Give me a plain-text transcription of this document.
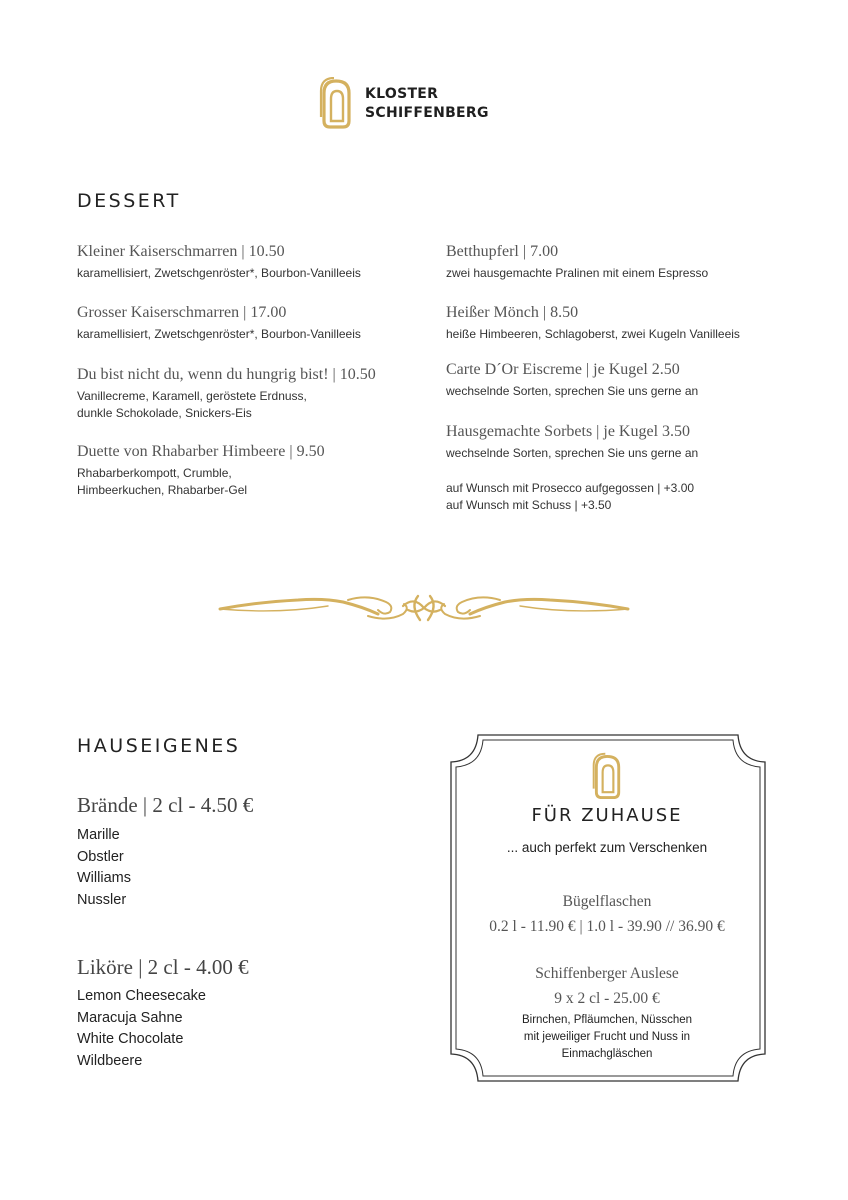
KLOSTER
SCHIFFENBERG
DESSERT
Kleiner Kaiserschmarren | 10.50
karamellisiert, Zwetschgenröster*, Bourbon-Vanilleeis
Grosser Kaiserschmarren | 17.00
karamellisiert, Zwetschgenröster*, Bourbon-Vanilleeis
Du bist nicht du, wenn du hungrig bist! | 10.50
Vanillecreme, Karamell, geröstete Erdnuss,
dunkle Schokolade, Snickers-Eis
Duette von Rhabarber Himbeere | 9.50
Rhabarberkompott, Crumble,
Himbeerkuchen, Rhabarber-Gel
Betthupferl | 7.00
zwei hausgemachte Pralinen mit einem Espresso
Heißer Mönch | 8.50
heiße Himbeeren, Schlagoberst, zwei Kugeln Vanilleeis
Carte D´Or Eiscreme | je Kugel 2.50
wechselnde Sorten, sprechen Sie uns gerne an
Hausgemachte Sorbets | je Kugel 3.50
wechselnde Sorten, sprechen Sie uns gerne an
auf Wunsch mit Prosecco aufgegossen | +3.00
auf Wunsch mit Schuss | +3.50
HAUSEIGENES
Brände | 2 cl - 4.50 €
Marille
Obstler
Williams
Nussler
Liköre | 2 cl - 4.00 €
Lemon Cheesecake
Maracuja Sahne
White Chocolate
Wildbeere
FÜR ZUHAUSE
... auch perfekt zum Verschenken
Bügelflaschen
0.2 l - 11.90 € | 1.0 l - 39.90 // 36.90 €
Schiffenberger Auslese
9 x 2 cl - 25.00 €
Birnchen, Pfläumchen, Nüsschen
mit jeweiliger Frucht und Nuss in
Einmachgläschen
